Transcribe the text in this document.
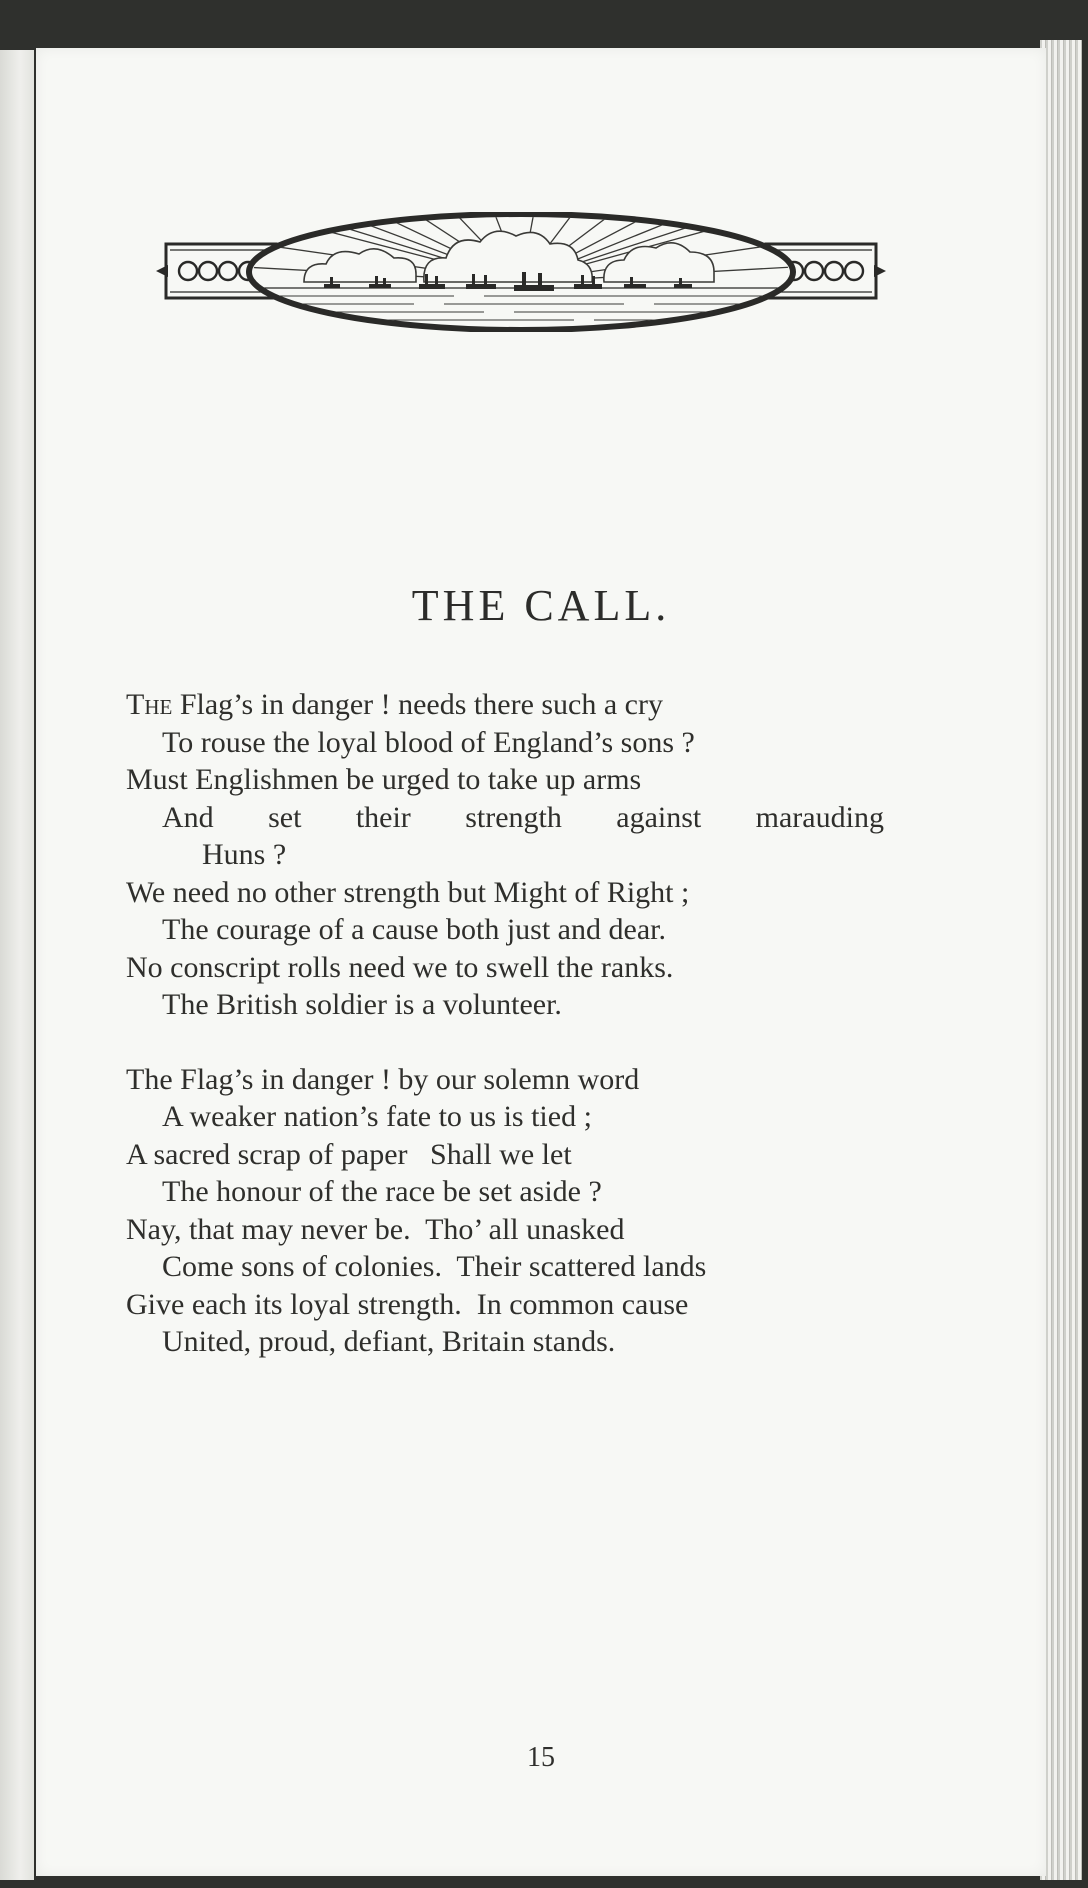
THE CALL.

The Flag’s in danger ! needs there such a cry
To rouse the loyal blood of England’s sons ?
Must Englishmen be urged to take up arms
And set their strength against marauding
Huns ?
We need no other strength but Might of Right ;
The courage of a cause both just and dear.
No conscript rolls need we to swell the ranks.
The British soldier is a volunteer.

The Flag’s in danger ! by our solemn word
A weaker nation’s fate to us is tied ;
A sacred scrap of paper   Shall we let
The honour of the race be set aside ?
Nay, that may never be.  Tho’ all unasked
Come sons of colonies.  Their scattered lands
Give each its loyal strength.  In common cause
United, proud, defiant, Britain stands.

15
